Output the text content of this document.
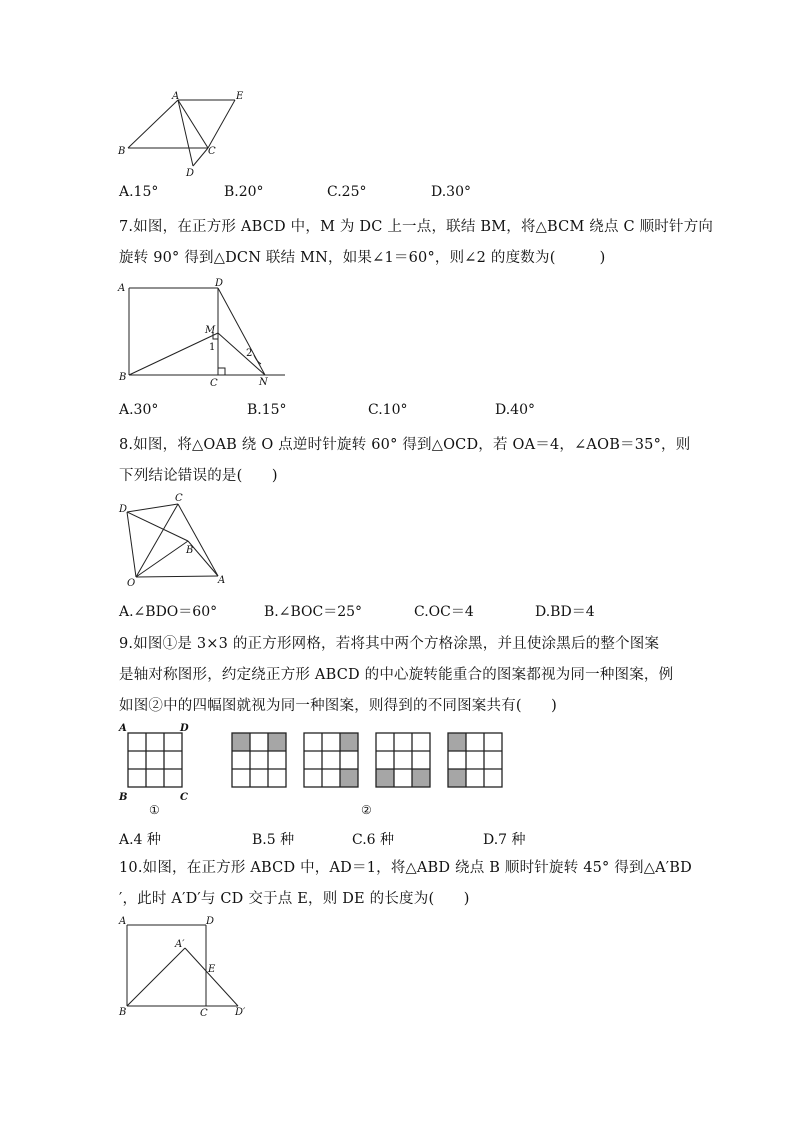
A	E
B	C
D
A.15°	B.20°	C.25°	D.30°
7.如图，在正方形 ABCD 中，M 为 DC 上一点，联结 BM，将△BCM 绕点 C 顺时针方向
旋转 90° 得到△DCN 联结 MN，如果∠1＝60°，则∠2 的度数为(　　　)
A	D
M
1
2
B
C	N
A.30°	B.15°	C.10°	D.40°
8.如图，将△OAB 绕 O 点逆时针旋转 60° 得到△OCD，若 OA＝4，∠AOB＝35°，则
下列结论错误的是(　　)
D
C
B
O	A
A.∠BDO＝60°	B.∠BOC＝25°	C.OC＝4	D.BD＝4
9.如图①是 3×3 的正方形网格，若将其中两个方格涂黑，并且使涂黑后的整个图案
是轴对称图形，约定绕正方形 ABCD 的中心旋转能重合的图案都视为同一种图案，例
如图②中的四幅图就视为同一种图案，则得到的不同图案共有(　　)
A	D
B	C
①	②
A.4 种	B.5 种	C.6 种	D.7 种
10.如图，在正方形 ABCD 中，AD＝1，将△ABD 绕点 B 顺时针旋转 45° 得到△A′BD
′，此时 A′D′与 CD 交于点 E，则 DE 的长度为(　　)
A	D
A′
E
B	C	D′
